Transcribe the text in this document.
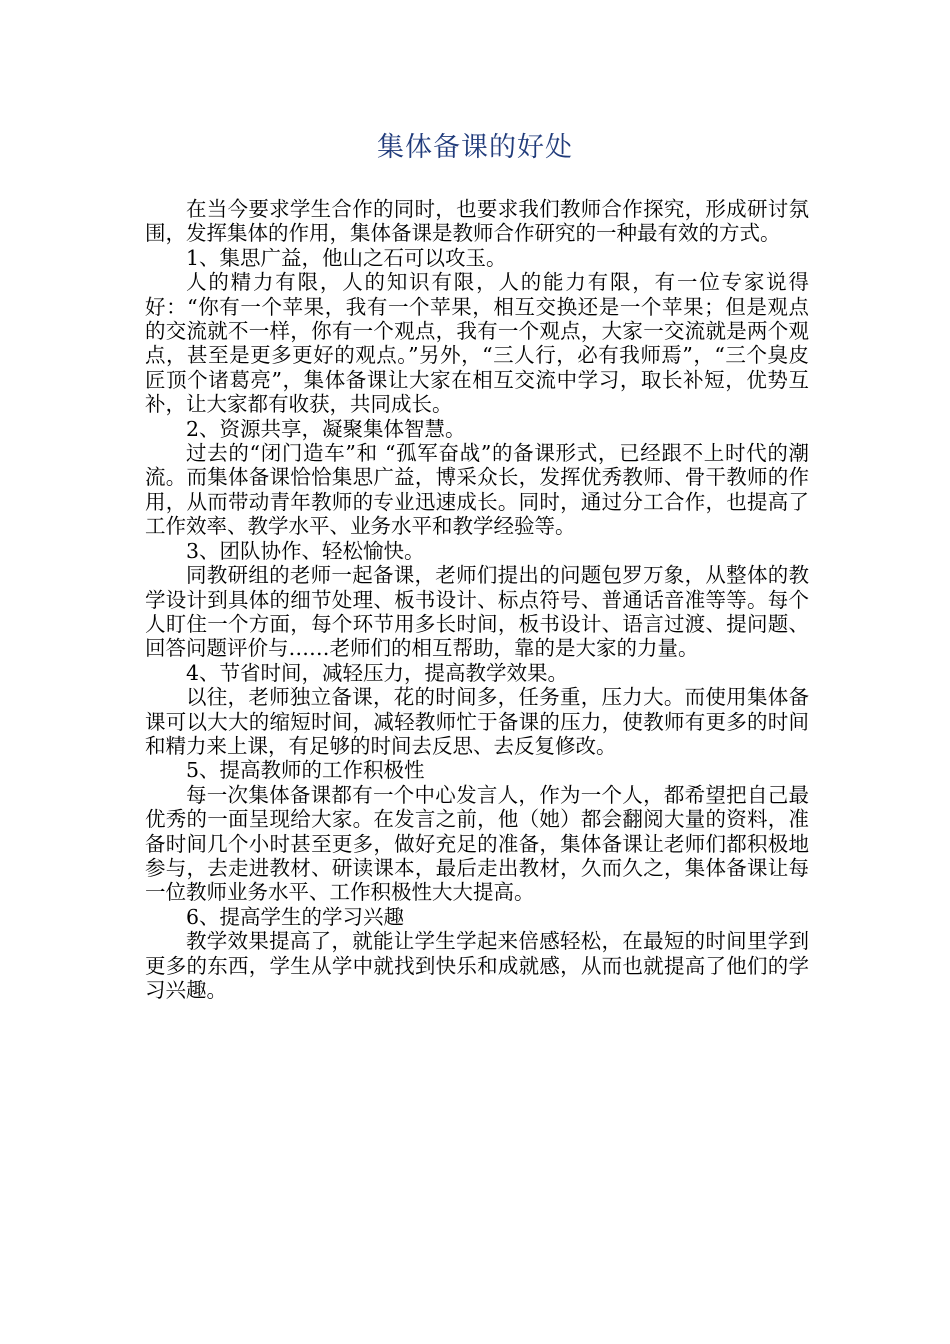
集体备课的好处

在当今要求学生合作的同时，也要求我们教师合作探究，形成研讨氛围，发挥集体的作用，集体备课是教师合作研究的一种最有效的方式。

1、集思广益，他山之石可以攻玉。

人的精力有限，人的知识有限，人的能力有限，有一位专家说得好：“你有一个苹果，我有一个苹果，相互交换还是一个苹果；但是观点的交流就不一样，你有一个观点，我有一个观点，大家一交流就是两个观点，甚至是更多更好的观点。”另外，“三人行，必有我师焉”，“三个臭皮匠顶个诸葛亮”，集体备课让大家在相互交流中学习，取长补短，优势互补，让大家都有收获，共同成长。

2、资源共享，凝聚集体智慧。

过去的“闭门造车”和 “孤军奋战”的备课形式，已经跟不上时代的潮流。而集体备课恰恰集思广益，博采众长，发挥优秀教师、骨干教师的作用，从而带动青年教师的专业迅速成长。同时，通过分工合作，也提高了工作效率、教学水平、业务水平和教学经验等。

3、团队协作、轻松愉快。

同教研组的老师一起备课，老师们提出的问题包罗万象，从整体的教学设计到具体的细节处理、板书设计、标点符号、普通话音准等等。每个人盯住一个方面，每个环节用多长时间，板书设计、语言过渡、提问题、回答问题评价与……老师们的相互帮助，靠的是大家的力量。

4、节省时间，减轻压力，提高教学效果。

以往，老师独立备课，花的时间多，任务重，压力大。而使用集体备课可以大大的缩短时间，减轻教师忙于备课的压力，使教师有更多的时间和精力来上课，有足够的时间去反思、去反复修改。

5、提高教师的工作积极性

每一次集体备课都有一个中心发言人，作为一个人，都希望把自己最优秀的一面呈现给大家。在发言之前，他（她）都会翻阅大量的资料，准备时间几个小时甚至更多，做好充足的准备，集体备课让老师们都积极地参与，去走进教材、研读课本，最后走出教材，久而久之，集体备课让每一位教师业务水平、工作积极性大大提高。

6、提高学生的学习兴趣

教学效果提高了，就能让学生学起来倍感轻松，在最短的时间里学到更多的东西，学生从学中就找到快乐和成就感，从而也就提高了他们的学习兴趣。
